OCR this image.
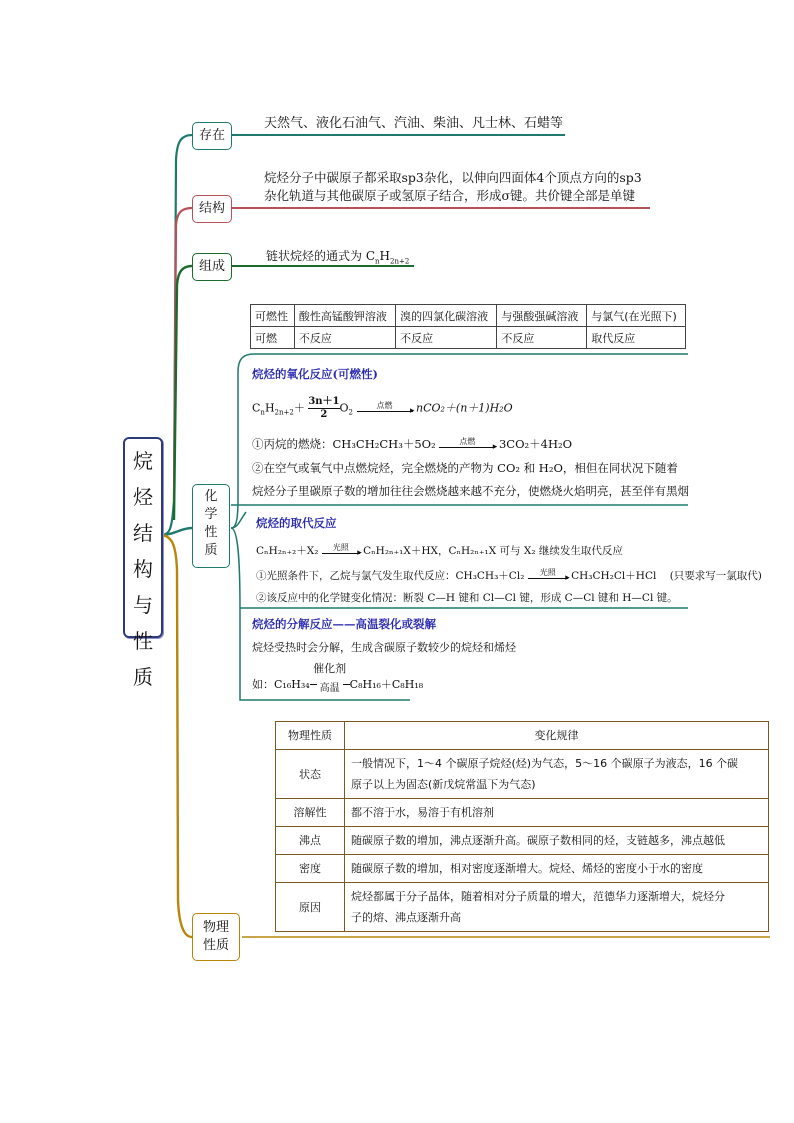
烷
烃
结
构
与
性
质
存在
天然气、液化石油气、汽油、柴油、凡士林、石蜡等
结构
烷烃分子中碳原子都采取sp3杂化，以伸向四面体4个顶点方向的sp3
杂化轨道与其他碳原子或氢原子结合，形成σ键。共价键全部是单键
组成
链状烷烃的通式为 $C_nH_{2n+2}$
可燃性	酸性高锰酸钾溶液	溴的四氯化碳溶液	与强酸强碱溶液	与氯气(在光照下)
可燃	不反应	不反应	不反应	取代反应
化
学
性
质
烷烃的氧化反应(可燃性)
$C_nH_{2n+2}+ \frac{3n+1}{2} O_2$
点燃
▸ nCO₂＋(n＋1)H₂O
①丙烷的燃烧：CH₃CH₂CH₃＋5O₂	点燃
▸ 3CO₂＋4H₂O
②在空气或氧气中点燃烷烃，完全燃烧的产物为 CO₂ 和 H₂O，相但在同状况下随着
烷烃分子里碳原子数的增加往往会燃烧越来越不充分，使燃烧火焰明亮，甚至伴有黑烟
烷烃的取代反应
CₙH₂ₙ₊₂＋X₂	光照
▸ CₙH₂ₙ₊₁X＋HX，CₙH₂ₙ₊₁X 可与 X₂ 继续发生取代反应
①光照条件下，乙烷与氯气发生取代反应：CH₃CH₃＋Cl₂	光照
▸ CH₃CH₂Cl＋HCl (只要求写一氯取代)
②该反应中的化学键变化情况：断裂 C—H 键和 Cl—Cl 键，形成 C—Cl 键和 H—Cl 键。
烷烃的分解反应——高温裂化或裂解
烷烃受热时会分解，生成含碳原子数较少的烷烃和烯烃
如：C₁₆H₃₄
催化剂
高温 C₈H₁₆＋C₈H₁₈
物理
性质
物理性质	变化规律
状态	一般情况下，1～4 个碳原子烷烃(烃)为气态，5～16 个碳原子为液态，16 个碳
原子以上为固态(新戊烷常温下为气态)

溶解性	都不溶于水，易溶于有机溶剂
沸点	随碳原子数的增加，沸点逐渐升高。碳原子数相同的烃，支链越多，沸点越低
密度	随碳原子数的增加，相对密度逐渐增大。烷烃、烯烃的密度小于水的密度
原因	烷烃都属于分子晶体，随着相对分子质量的增大，范德华力逐渐增大，烷烃分
子的熔、沸点逐渐升高
